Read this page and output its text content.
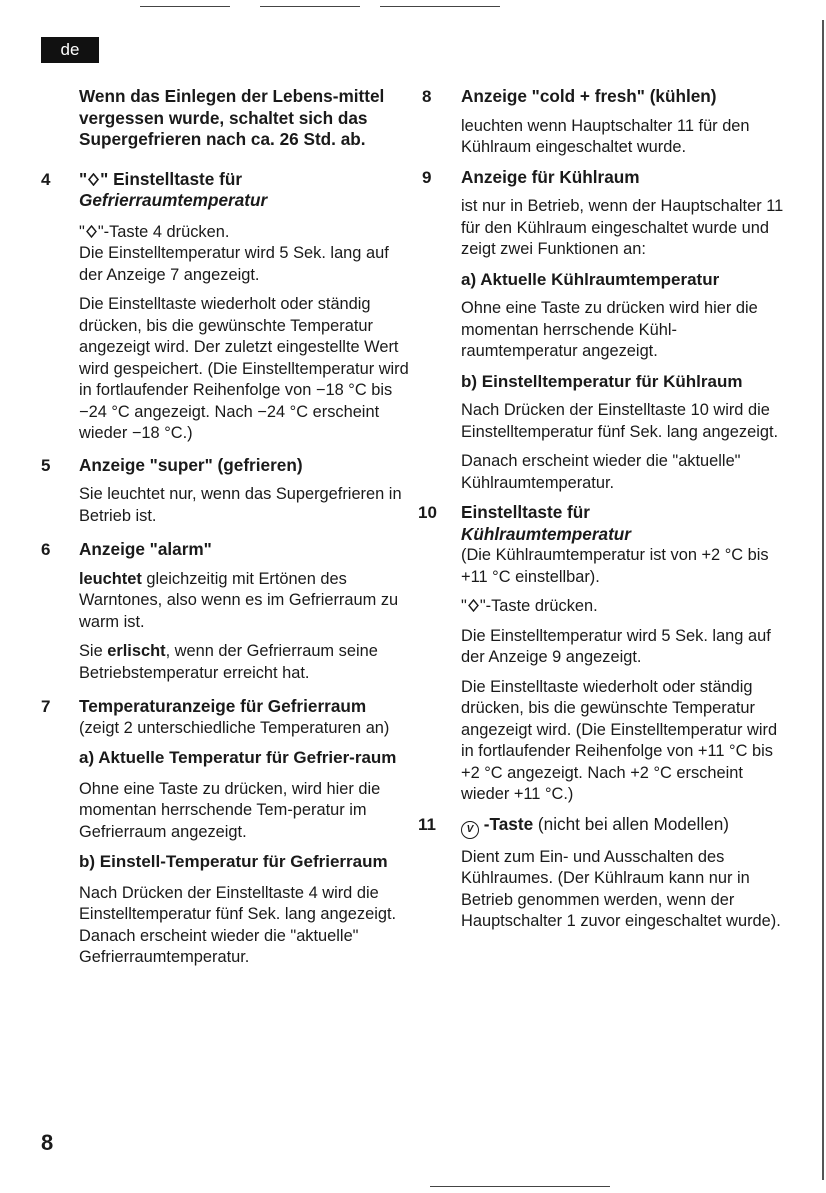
de
Wenn das Einlegen der Lebens-mittel vergessen wurde, schaltet sich das Supergefrieren nach ca. 26 Std. ab.
4 " " Einstelltaste für
Gefrierraumtemperatur

" "-Taste 4 drücken.
Die Einstelltemperatur wird 5 Sek. lang auf der Anzeige 7 angezeigt.

Die Einstelltaste wiederholt oder ständig drücken, bis die gewünschte Temperatur angezeigt wird. Der zuletzt eingestellte Wert wird gespeichert. (Die Einstelltemperatur wird in fortlaufender Reihenfolge von −18 °C bis −24 °C angezeigt. Nach −24 °C erscheint wieder −18 °C.)

5 Anzeige "super" (gefrieren)

Sie leuchtet nur, wenn das Supergefrieren in Betrieb ist.

6 Anzeige "alarm"

leuchtet gleichzeitig mit Ertönen des Warntones, also wenn es im Gefrierraum zu warm ist.

Sie erlischt, wenn der Gefrierraum seine Betriebstemperatur erreicht hat.

7 Temperaturanzeige für Gefrierraum

(zeigt 2 unterschiedliche Temperaturen an)

a) Aktuelle Temperatur für Gefrier-raum

Ohne eine Taste zu drücken, wird hier die momentan herrschende Tem-peratur im Gefrierraum angezeigt.

b) Einstell-Temperatur für Gefrierraum

Nach Drücken der Einstelltaste 4 wird die Einstelltemperatur fünf Sek. lang angezeigt. Danach erscheint wieder die "aktuelle" Gefrierraumtemperatur.

8 Anzeige "cold + fresh" (kühlen)

leuchten wenn Hauptschalter 11 für den Kühlraum eingeschaltet wurde.

9 Anzeige für Kühlraum

ist nur in Betrieb, wenn der Hauptschalter 11 für den Kühlraum eingeschaltet wurde und zeigt zwei Funktionen an:

a) Aktuelle Kühlraumtemperatur

Ohne eine Taste zu drücken wird hier die momentan herrschende Kühl-raumtemperatur angezeigt.

b) Einstelltemperatur für Kühlraum

Nach Drücken der Einstelltaste 10 wird die Einstelltemperatur fünf Sek. lang angezeigt.

Danach erscheint wieder die "aktuelle" Kühlraumtemperatur.

10 Einstelltaste für
Kühlraumtemperatur

(Die Kühlraumtemperatur ist von +2 °C bis +11 °C einstellbar).

" "-Taste drücken.

Die Einstelltemperatur wird 5 Sek. lang auf der Anzeige 9 angezeigt.

Die Einstelltaste wiederholt oder ständig drücken, bis die gewünschte Temperatur angezeigt wird. (Die Einstelltemperatur wird in fortlaufender Reihenfolge von +11 °C bis +2 °C angezeigt. Nach +2 °C erscheint wieder +11 °C.)

11	V -Taste (nicht bei allen Modellen)

Dient zum Ein- und Ausschalten des Kühlraumes. (Der Kühlraum kann nur in Betrieb genommen werden, wenn der Hauptschalter 1 zuvor eingeschaltet wurde).

8
